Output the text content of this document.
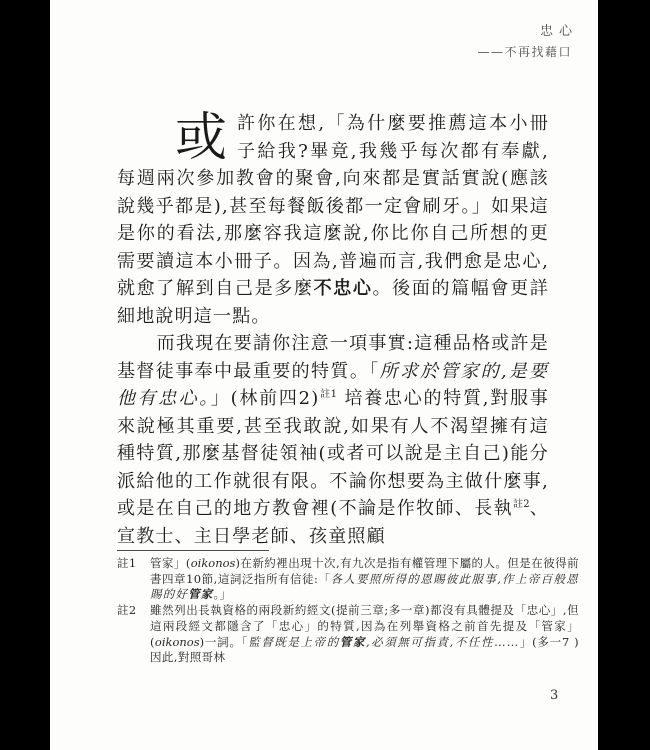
忠心
——不再找藉口

或許你在想,「為什麼要推薦這本小冊子給我?畢竟,我幾乎每次都有奉獻,每週兩次參加教會的聚會,向來都是實話實說(應該說幾乎都是),甚至每餐飯後都一定會刷牙。」如果這是你的看法,那麼容我這麼說,你比你自己所想的更需要讀這本小冊子。因為,普遍而言,我們愈是忠心,就愈了解到自己是多麼不忠心。後面的篇幅會更詳細地說明這一點。

而我現在要請你注意一項事實:這種品格或許是基督徒事奉中最重要的特質。「所求於管家的,是要他有忠心。」(林前四2)$^{註1}$ 培養忠心的特質,對服事來說極其重要,甚至我敢說,如果有人不渴望擁有這種特質,那麼基督徒領袖(或者可以說是主自己)能分派給他的工作就很有限。不論你想要為主做什麼事,或是在自己的地方教會裡(不論是作牧師、長執$^{註2}$、宣教士、主日學老師、孩童照顧

註1	管家」(oikonos)在新約裡出現十次,有九次是指有權管理下屬的人。但是在彼得前書四章10節,這詞泛指所有信徒:「各人要照所得的恩賜彼此服事,作上帝百般恩賜的好管家。」
註2	雖然列出長執資格的兩段新約經文(提前三章;多一章)都沒有具體提及「忠心」,但這兩段經文都隱含了「忠心」的特質,因為在列舉資格之前首先提及「管家」(oikonos)一詞。「監督既是上帝的管家,必須無可指責,不任性……」(多一7 )因此,對照哥林
3
